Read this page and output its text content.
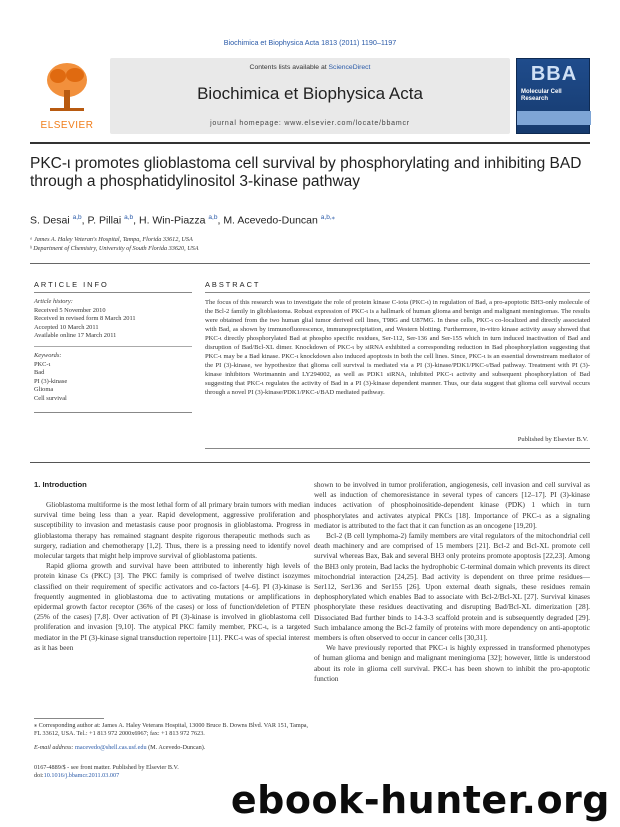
Biochimica et Biophysica Acta 1813 (2011) 1190–1197
ELSEVIER
Contents lists available at ScienceDirect
Biochimica et Biophysica Acta
journal homepage: www.elsevier.com/locate/bbamcr
BBA
Molecular Cell Research
PKC-ι promotes glioblastoma cell survival by phosphorylating and inhibiting BAD through a phosphatidylinositol 3-kinase pathway
S. Desai $^{a,b}$, P. Pillai $^{a,b}$, H. Win-Piazza $^{a,b}$, M. Acevedo-Duncan $^{a,b,⁎}$
ᵃ James A. Haley Veteran's Hospital, Tampa, Florida 33612, USA
ᵇ Department of Chemistry, University of South Florida 33620, USA
ARTICLE INFO	ABSTRACT
Article history:
Received 5 November 2010
Received in revised form 8 March 2011
Accepted 10 March 2011
Available online 17 March 2011
Keywords:
PKC-ι
Bad
PI (3)-kinase
Glioma
Cell survival
The focus of this research was to investigate the role of protein kinase C-iota (PKC-ι) in regulation of Bad, a pro-apoptotic BH3-only molecule of the Bcl-2 family in glioblastoma. Robust expression of PKC-ι is a hallmark of human glioma and benign and malignant meningiomas. The results were obtained from the two human glial tumor derived cell lines, T98G and U87MG. In these cells, PKC-ι co-localized and directly associated with Bad, as shown by immunofluorescence, immunoprecipitation, and Western blotting. Furthermore, in-vitro kinase activity assay showed that PKC-ι directly phosphorylated Bad at phospho specific residues, Ser-112, Ser-136 and Ser-155 which in turn induced inactivation of Bad and disruption of Bad/Bcl-XL dimer. Knockdown of PKC-ι by siRNA exhibited a corresponding reduction in Bad phosphorylation suggesting that PKC-ι may be a Bad kinase. PKC-ι knockdown also induced apoptosis in both the cell lines. Since, PKC-ι is an essential downstream mediator of the PI (3)-kinase, we hypothesize that glioma cell survival is mediated via a PI (3)-kinase/PDK1/PKC-ι/Bad pathway. Treatment with PI (3)-kinase inhibitors Wortmannin and LY294002, as well as PDK1 siRNA, inhibited PKC-ι activity and subsequent phosphorylation of Bad suggesting that PKC-ι regulates the activity of Bad in a PI (3)-kinase dependent manner. Thus, our data suggest that glioma cell survival occurs through a novel PI (3)-kinase/PDK1/PKC-ι/BAD mediated pathway.
Published by Elsevier B.V.
1. Introduction

Glioblastoma multiforme is the most lethal form of all primary brain tumors with median survival time being less than a year. Rapid development, aggressive proliferation and susceptibility to invasion and metastasis cause poor prognosis in glioblastoma. Progress in glioblastoma therapy has remained stagnant despite rigorous therapeutic methods such as surgery, radiation and chemotherapy [1,2]. Thus, there is a pressing need to identify novel molecular targets that might help improve survival of glioblastoma patients.

Rapid glioma growth and survival have been attributed to inherently high levels of protein kinase Cs (PKC) [3]. The PKC family is comprised of twelve distinct isozymes classified on their requirement of specific activators and co-factors [4–6]. PI (3)-kinase is frequently augmented in glioblastoma due to activating mutations or amplifications in epidermal growth factor receptor (36% of the cases) or loss of function/deletion of PTEN (25% of the cases) [7,8]. Over activation of PI (3)-kinase is involved in glioblastoma cell proliferation and invasion [9,10]. The atypical PKC family member, PKC-ι, is a targeted mediator in the PI (3)-kinase signal transduction repertoire [11]. PKC-ι was of special interest as it has been

shown to be involved in tumor proliferation, angiogenesis, cell invasion and cell survival as well as induction of chemoresistance in several types of cancers [12–17]. PI (3)-kinase induces activation of phosphoinositide-dependent kinase (PDK) 1 which in turn phosphorylates and activates atypical PKCs [18]. Importance of PKC-ι as a signaling mediator is attributed to the fact that it can function as an oncogene [19,20].

Bcl-2 (B cell lymphoma-2) family members are vital regulators of the mitochondrial cell death machinery and are comprised of 15 members [21]. Bcl-2 and Bcl-XL promote cell survival whereas Bax, Bak and several BH3 only proteins promote apoptosis [22,23]. Among the BH3 only protein, Bad lacks the hydrophobic C-terminal domain which prevents its direct mitochondrial interaction [24,25]. Bad activity is dependent on three prime residues—Ser112, Ser136 and Ser155 [26]. Upon external death signals, these residues remain dephosphorylated which enables Bad to associate with Bcl-2/Bcl-XL [27]. Survival kinases phosphorylate these residues deactivating and disrupting Bad/Bcl-XL dimerization [28]. Dissociated Bad further binds to 14-3-3 scaffold protein and is subsequently degraded [29]. Such imbalance among the Bcl-2 family of proteins with more dependency on anti-apoptotic members is often observed to occur in cancer cells [30,31].

We have previously reported that PKC-ι is highly expressed in transformed phenotypes of human glioma and benign and malignant meningioma [32]; however, little is understood about its role in glioma cell survival. PKC-ι has been shown to inhibit the pro-apoptotic function

⁎ Corresponding author at: James A. Haley Veterans Hospital, 13000 Bruce B. Downs Blvd. VAR 151, Tampa, FL 33612, USA. Tel.: +1 813 972 2000x6967; fax: +1 813 972 7623.
E-mail address: macevedo@shell.cas.usf.edu (M. Acevedo-Duncan).
0167-4889/$ - see front matter. Published by Elsevier B.V.
doi:10.1016/j.bbamcr.2011.03.007
ebook-hunter.org
